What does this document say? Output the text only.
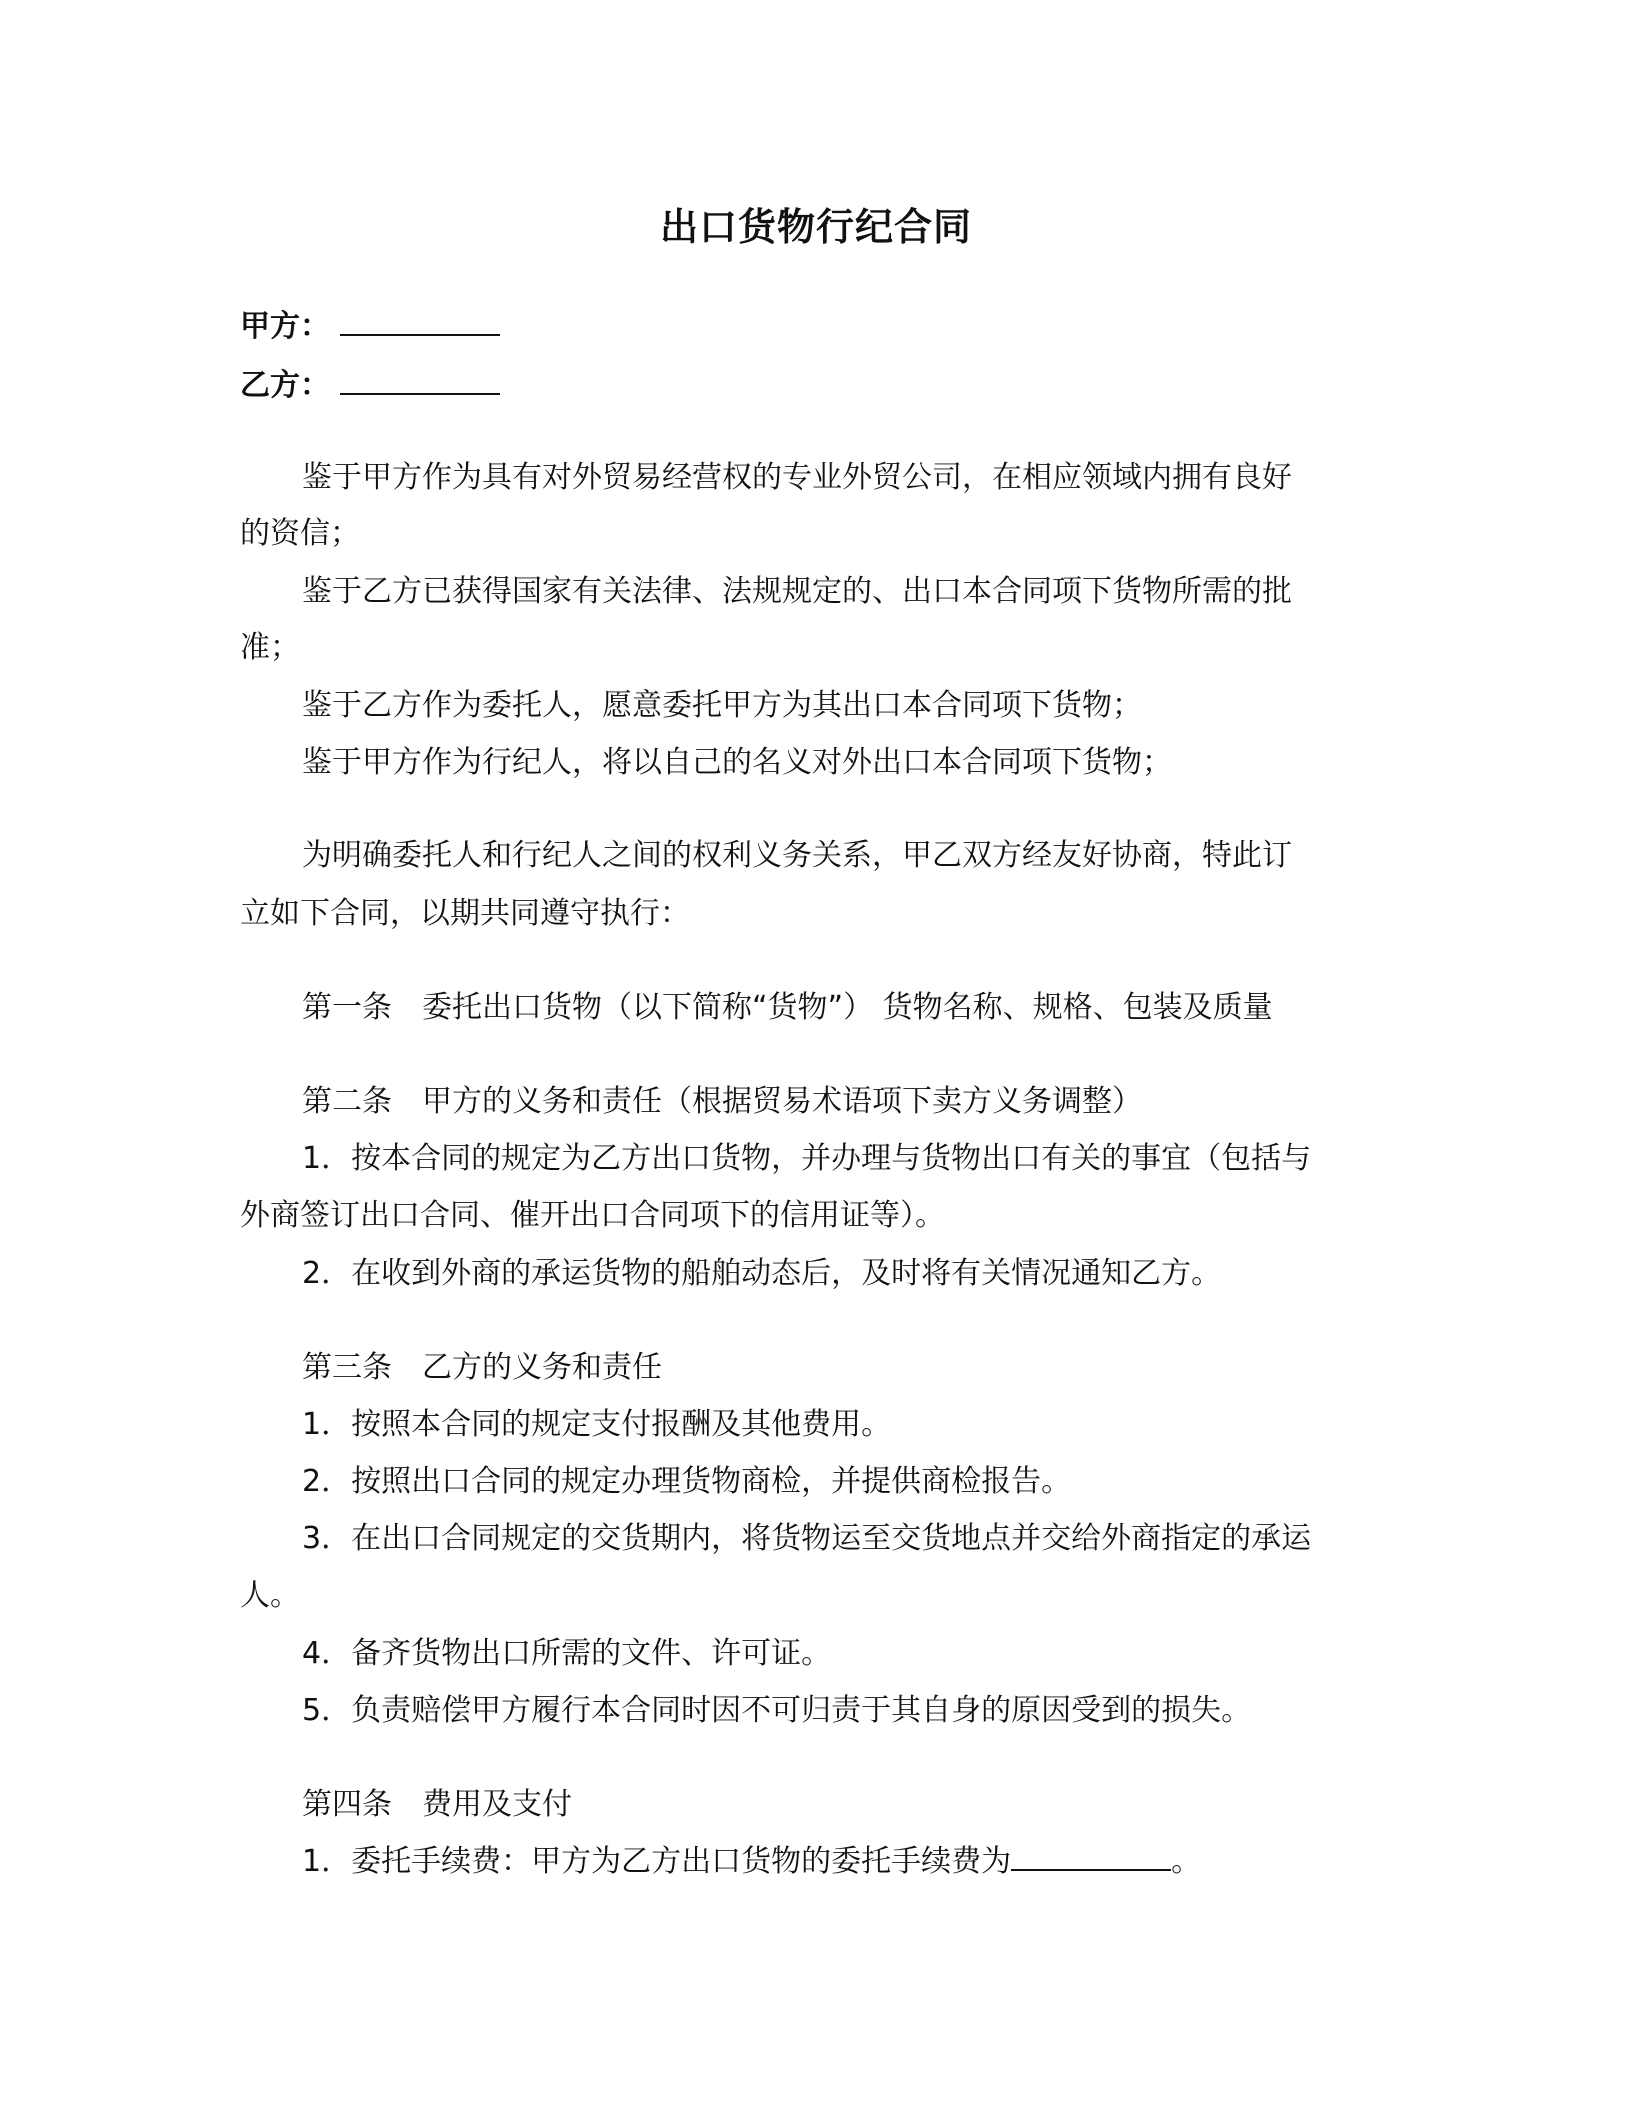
出口货物行纪合同

甲方：

乙方：

鉴于甲方作为具有对外贸易经营权的专业外贸公司，在相应领域内拥有良好

的资信；

鉴于乙方已获得国家有关法律、法规规定的、出口本合同项下货物所需的批

准；

鉴于乙方作为委托人，愿意委托甲方为其出口本合同项下货物；

鉴于甲方作为行纪人，将以自己的名义对外出口本合同项下货物；

为明确委托人和行纪人之间的权利义务关系，甲乙双方经友好协商，特此订

立如下合同，以期共同遵守执行：

第一条　委托出口货物（以下简称“货物”） 货物名称、规格、包装及质量

第二条　甲方的义务和责任（根据贸易术语项下卖方义务调整）

1．按本合同的规定为乙方出口货物，并办理与货物出口有关的事宜（包括与

外商签订出口合同、催开出口合同项下的信用证等）。

2．在收到外商的承运货物的船舶动态后，及时将有关情况通知乙方。

第三条　乙方的义务和责任

1．按照本合同的规定支付报酬及其他费用。

2．按照出口合同的规定办理货物商检，并提供商检报告。

3．在出口合同规定的交货期内，将货物运至交货地点并交给外商指定的承运

人。

4．备齐货物出口所需的文件、许可证。

5．负责赔偿甲方履行本合同时因不可归责于其自身的原因受到的损失。

第四条　费用及支付

1．委托手续费：甲方为乙方出口货物的委托手续费为	。
